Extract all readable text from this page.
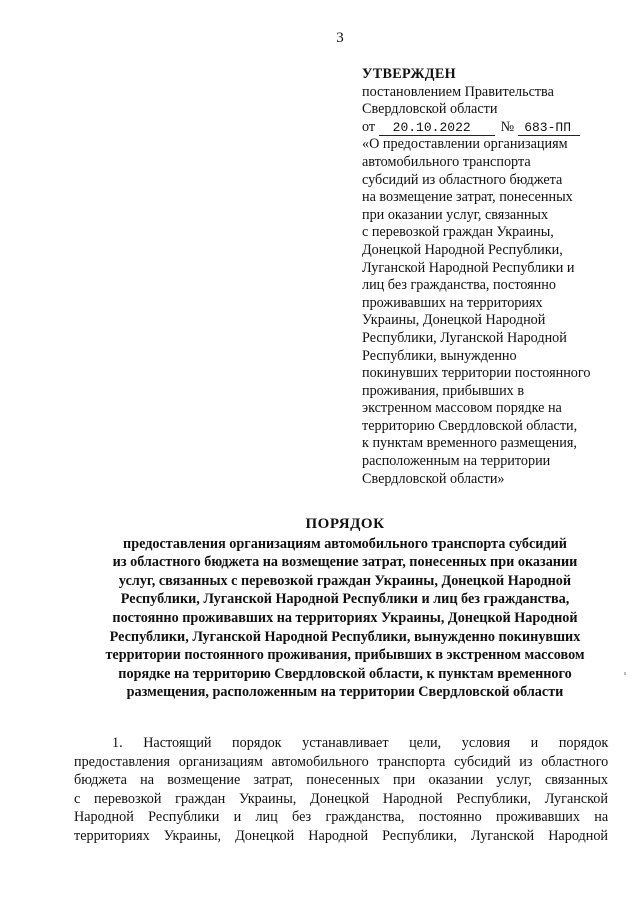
3
УТВЕРЖДЕН
постановлением Правительства
Свердловской области
от 20.10.2022 № 683-ПП
«О предоставлении организациям
автомобильного транспорта
субсидий из областного бюджета
на возмещение затрат, понесенных
при оказании услуг, связанных
с перевозкой граждан Украины,
Донецкой Народной Республики,
Луганской Народной Республики и
лиц без гражданства, постоянно
проживавших на территориях
Украины, Донецкой Народной
Республики, Луганской Народной
Республики, вынужденно
покинувших территории постоянного
проживания, прибывших в
экстренном массовом порядке на
территорию Свердловской области,
к пунктам временного размещения,
расположенным на территории
Свердловской области»
ПОРЯДОК
предоставления организациям автомобильного транспорта субсидий
из областного бюджета на возмещение затрат, понесенных при оказании
услуг, связанных с перевозкой граждан Украины, Донецкой Народной
Республики, Луганской Народной Республики и лиц без гражданства,
постоянно проживавших на территориях Украины, Донецкой Народной
Республики, Луганской Народной Республики, вынужденно покинувших
территории постоянного проживания, прибывших в экстренном массовом
порядке на территорию Свердловской области, к пунктам временного
размещения, расположенным на территории Свердловской области
1. Настоящий порядок устанавливает цели, условия и порядок
предоставления организациям автомобильного транспорта субсидий из областного
бюджета на возмещение затрат, понесенных при оказании услуг, связанных
с перевозкой граждан Украины, Донецкой Народной Республики, Луганской
Народной Республики и лиц без гражданства, постоянно проживавших на
территориях Украины, Донецкой Народной Республики, Луганской Народной
